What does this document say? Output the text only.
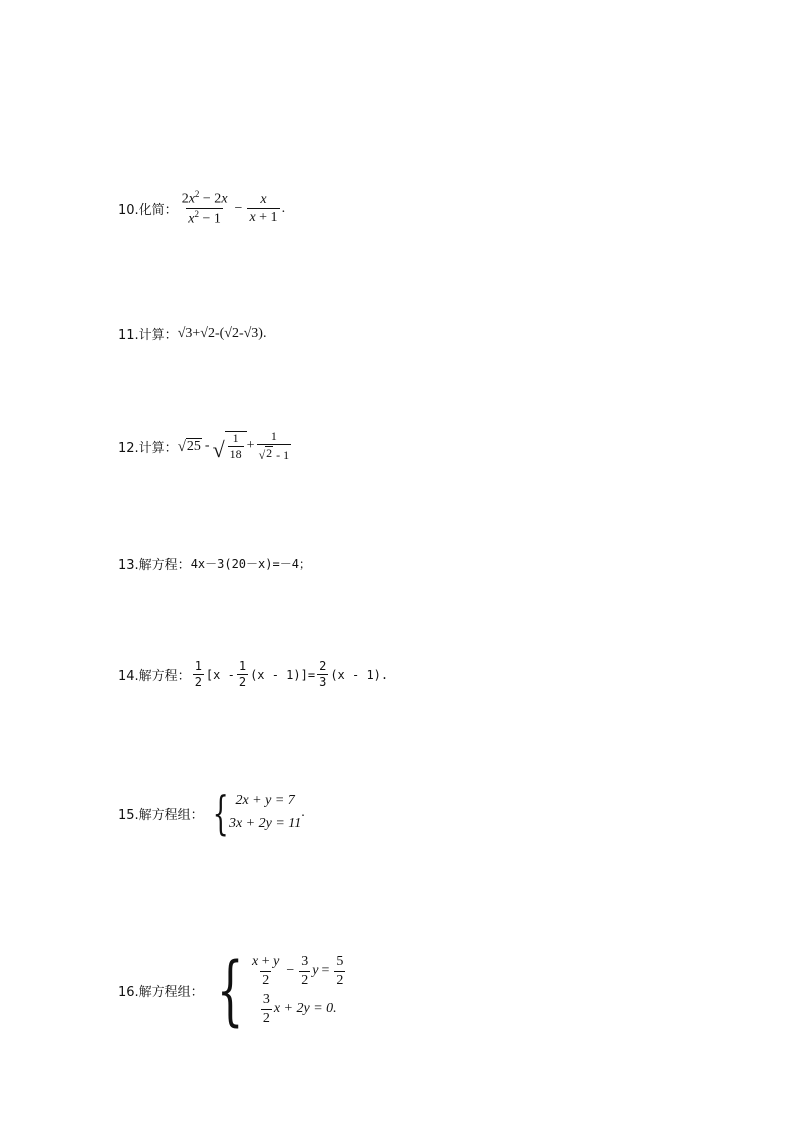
10.化简： $\frac{2x^2 - 2x}{x^2 - 1} - \frac{x}{x + 1}$ .
11.计算： √3+√2-(√2-√3).
12.计算： √ 25 - √ $\frac{1}{18} + \frac{1}{√ 2 - 1}$
13.解方程： 4x－3(20－x)=－4；
14.解方程： $\frac{1}{2} [x - \frac{1}{2} (x - 1)]= \frac{2}{3} (x - 1)$.
15.解方程组： { 2x + y = 7
3x + 2y = 11
.
16.解方程组： { $\frac{x + y}{2} - \frac{3}{2}$ $y = \frac{5}{2}$
$\frac{3}{2}$ x + 2y = 0.
